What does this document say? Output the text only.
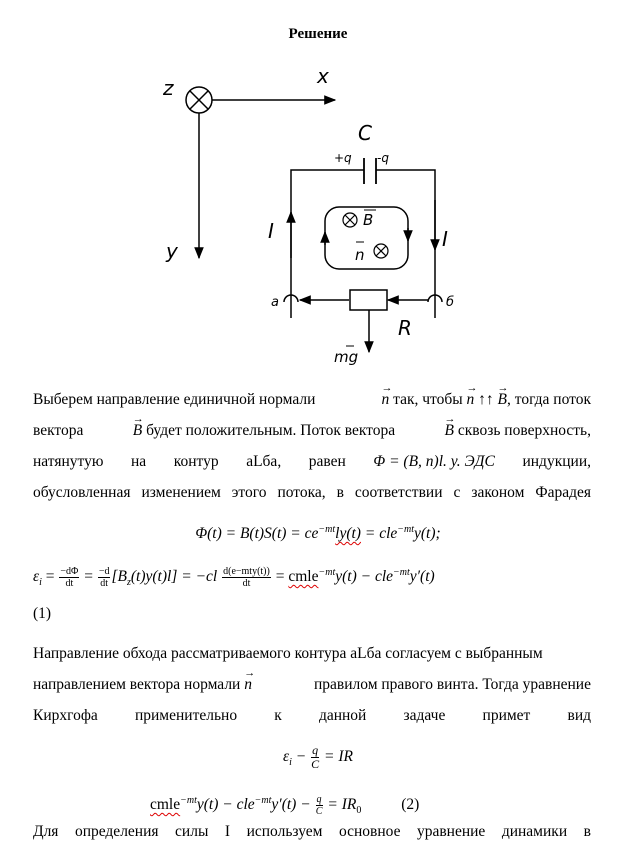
Решение
z	x
y
C
+q -q
I	I
B
n
а	б
R
mg
Выберем направление единичной нормали	→ n так, чтобы → n ↑↑ → B, тогда поток
вектора	→ B будет положительным. Поток вектора	→ B сквозь поверхность,
натянутую на контур aLба, равен Φ = (B, n)l. y. ЭДС индукции,
обусловленная изменением этого потока, в соответствии с законом Фарадея
$\Phi(t) = B(t)S(t) = ce^{-mt}ly(t) = cle^{-mt}y(t)$;
$\varepsilon_i = \frac{-d\Phi}{dt} = \frac{-d}{dt} [B_z(t)y(t)l] = -cl \frac{\text{d(e−mty(t))}}{dt}$ = cmle$^{-mt}$y(t) − cle$^{-mt}$y′(t)
(1)
Направление обхода рассматриваемого контура aLба согласуем с выбранным
направлением вектора нормали → n	правилом правого винта. Тогда уравнение
Кирхгофа применительно к данной задаче примет вид
$\varepsilon_i - \frac{q}{C}$ = IR
cmle$^{-mt}$y(t) − $cle^{-mt}y'(t) - \frac{q}{C} = IR_0$	(2)
Для определения силы I используем основное уравнение динамики в
